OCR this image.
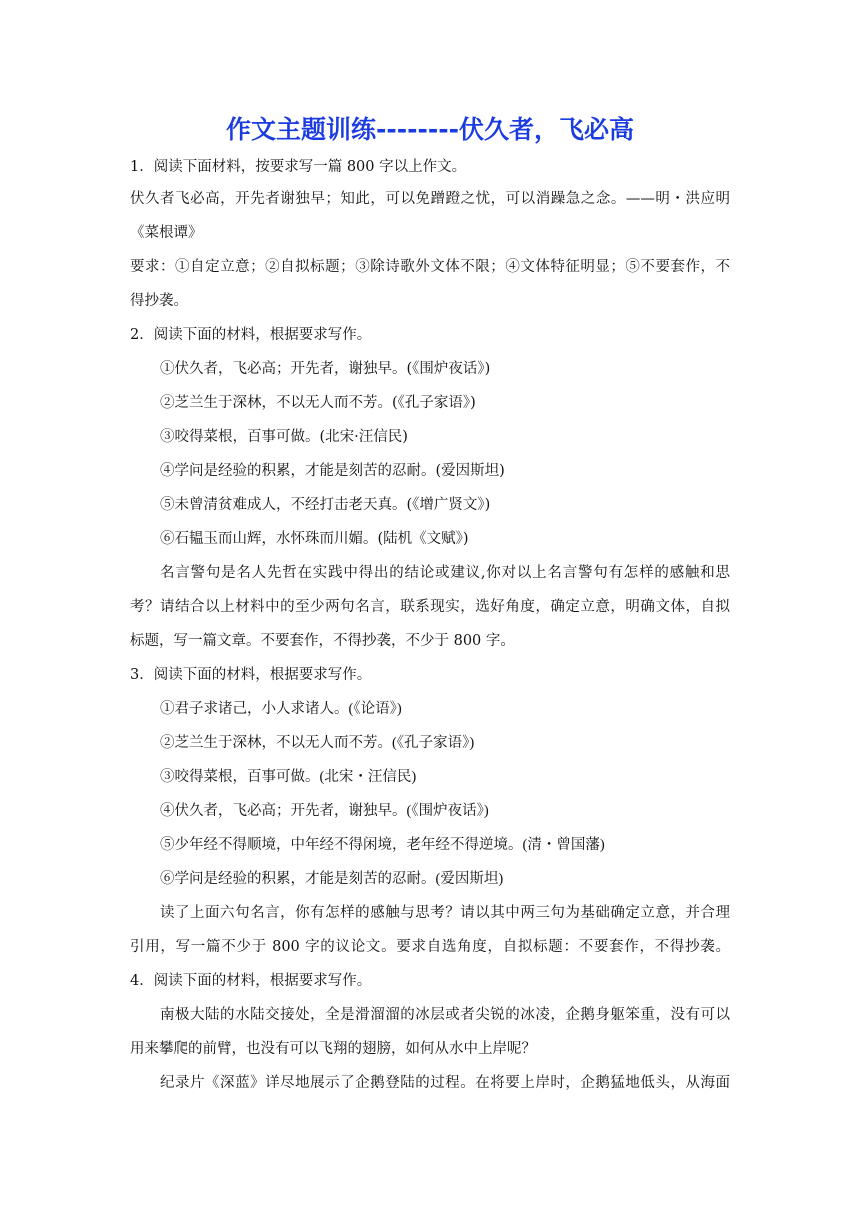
作文主题训练--------伏久者，飞必高

1．阅读下面材料，按要求写一篇 800 字以上作文。

伏久者飞必高，开先者谢独早；知此，可以免蹭蹬之忧，可以消躁急之念。——明・洪应明

《菜根谭》

要求：①自定立意；②自拟标题；③除诗歌外文体不限；④文体特征明显；⑤不要套作，不

得抄袭。

2．阅读下面的材料，根据要求写作。

①伏久者，飞必高；开先者，谢独早。(《围炉夜话》)

②芝兰生于深林，不以无人而不芳。(《孔子家语》)

③咬得菜根，百事可做。(北宋·汪信民)

④学问是经验的积累，才能是刻苦的忍耐。(爱因斯坦)

⑤未曾清贫难成人，不经打击老天真。(《增广贤文》)

⑥石韫玉而山辉，水怀珠而川媚。(陆机《文赋》)

名言警句是名人先哲在实践中得出的结论或建议,你对以上名言警句有怎样的感触和思

考？请结合以上材料中的至少两句名言，联系现实，选好角度，确定立意，明确文体，自拟

标题，写一篇文章。不要套作，不得抄袭，不少于 800 字。

3．阅读下面的材料，根据要求写作。

①君子求诸己，小人求诸人。(《论语》)

②芝兰生于深林，不以无人而不芳。(《孔子家语》)

③咬得菜根，百事可做。(北宋・汪信民)

④伏久者，飞必高；开先者，谢独早。(《围炉夜话》)

⑤少年经不得顺境，中年经不得闲境，老年经不得逆境。(清・曾国藩)

⑥学问是经验的积累，才能是刻苦的忍耐。(爱因斯坦)

读了上面六句名言，你有怎样的感触与思考？请以其中两三句为基础确定立意，并合理

引用，写一篇不少于 800 字的议论文。要求自选角度，自拟标题：不要套作，不得抄袭。

4．阅读下面的材料，根据要求写作。

南极大陆的水陆交接处，全是滑溜溜的冰层或者尖锐的冰凌，企鹅身躯笨重，没有可以

用来攀爬的前臂，也没有可以飞翔的翅膀，如何从水中上岸呢？

纪录片《深蓝》详尽地展示了企鹅登陆的过程。在将要上岸时，企鹅猛地低头，从海面
